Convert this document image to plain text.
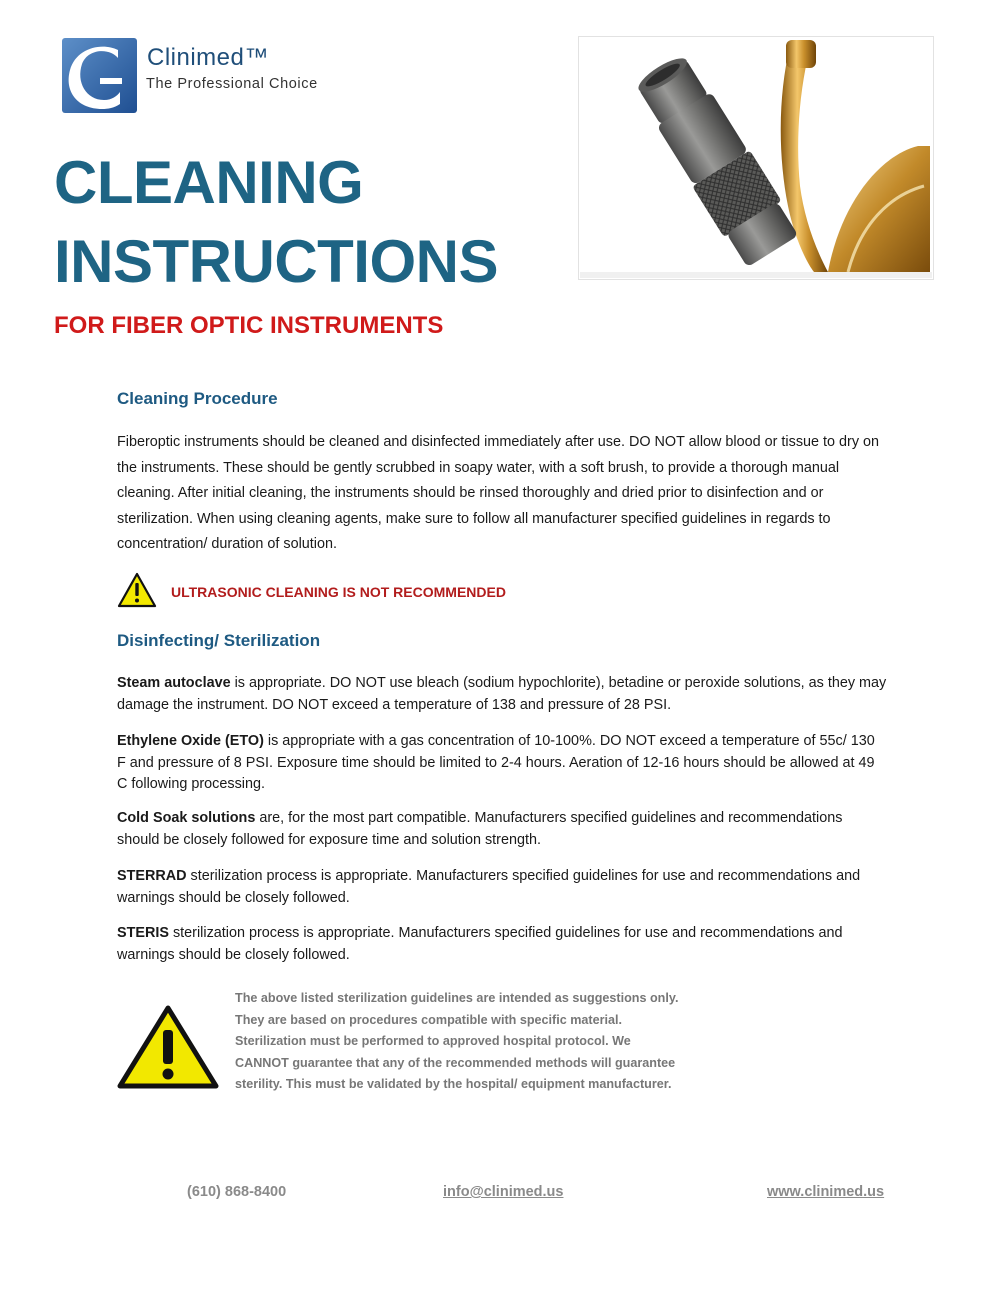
Clinimed™
The Professional Choice
CLEANING
INSTRUCTIONS
FOR FIBER OPTIC INSTRUMENTS
Cleaning Procedure
Fiberoptic instruments should be cleaned and disinfected immediately after use. DO NOT allow blood or tissue to dry on the instruments. These should be gently scrubbed in soapy water, with a soft brush, to provide a thorough manual cleaning. After initial cleaning, the instruments should be rinsed thoroughly and dried prior to disinfection and or sterilization. When using cleaning agents, make sure to follow all manufacturer specified guidelines in regards to concentration/ duration of solution.
ULTRASONIC CLEANING IS NOT RECOMMENDED
Disinfecting/ Sterilization
Steam autoclave is appropriate. DO NOT use bleach (sodium hypochlorite), betadine or peroxide solutions, as they may damage the instrument. DO NOT exceed a temperature of 138 and pressure of 28 PSI.
Ethylene Oxide (ETO) is appropriate with a gas concentration of 10-100%. DO NOT exceed a temperature of 55c/ 130 F and pressure of 8 PSI. Exposure time should be limited to 2-4 hours. Aeration of 12-16 hours should be allowed at 49 C following processing.
Cold Soak solutions are, for the most part compatible. Manufacturers specified guidelines and recommendations should be closely followed for exposure time and solution strength.
STERRAD sterilization process is appropriate. Manufacturers specified guidelines for use and recommendations and warnings should be closely followed.
STERIS sterilization process is appropriate. Manufacturers specified guidelines for use and recommendations and warnings should be closely followed.
The above listed sterilization guidelines are intended as suggestions only.
They are based on procedures compatible with specific material.
Sterilization must be performed to approved hospital protocol. We
CANNOT guarantee that any of the recommended methods will guarantee
sterility. This must be validated by the hospital/ equipment manufacturer.
(610) 868-8400	info@clinimed.us	www.clinimed.us
